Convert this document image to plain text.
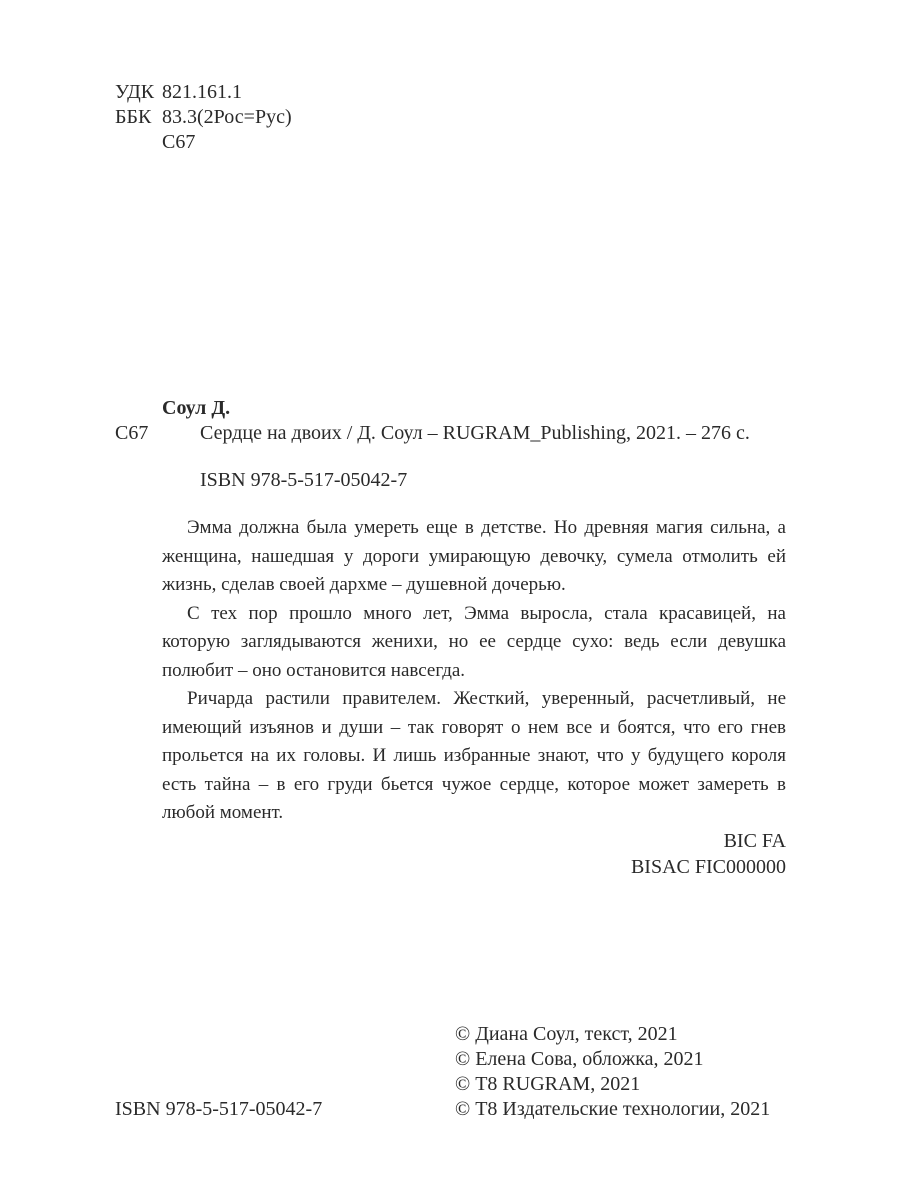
УДК 821.161.1
ББК 83.3(2Рос=Рус)
С67
Соул Д.
С67	Сердце на двоих / Д. Соул – RUGRAM_Publishing, 2021. – 276 с.
ISBN 978-5-517-05042-7

Эмма должна была умереть еще в детстве. Но древняя магия сильна, а женщина, нашедшая у дороги умирающую девочку, сумела отмолить ей жизнь, сделав своей дархме – душевной дочерью.

С тех пор прошло много лет, Эмма выросла, стала красавицей, на которую заглядываются женихи, но ее сердце сухо: ведь если девушка полюбит – оно остановится навсегда.

Ричарда растили правителем. Жесткий, уверенный, расчетливый, не имеющий изъянов и души – так говорят о нем все и боятся, что его гнев прольется на их головы. И лишь избранные знают, что у будущего короля есть тайна – в его груди бьется чужое сердце, которое может замереть в любой момент.

BIC FA
BISAC FIC000000
ISBN 978-5-517-05042-7
© Диана Соул, текст, 2021
© Елена Сова, обложка, 2021
© Т8 RUGRAM, 2021
© Т8 Издательские технологии, 2021
